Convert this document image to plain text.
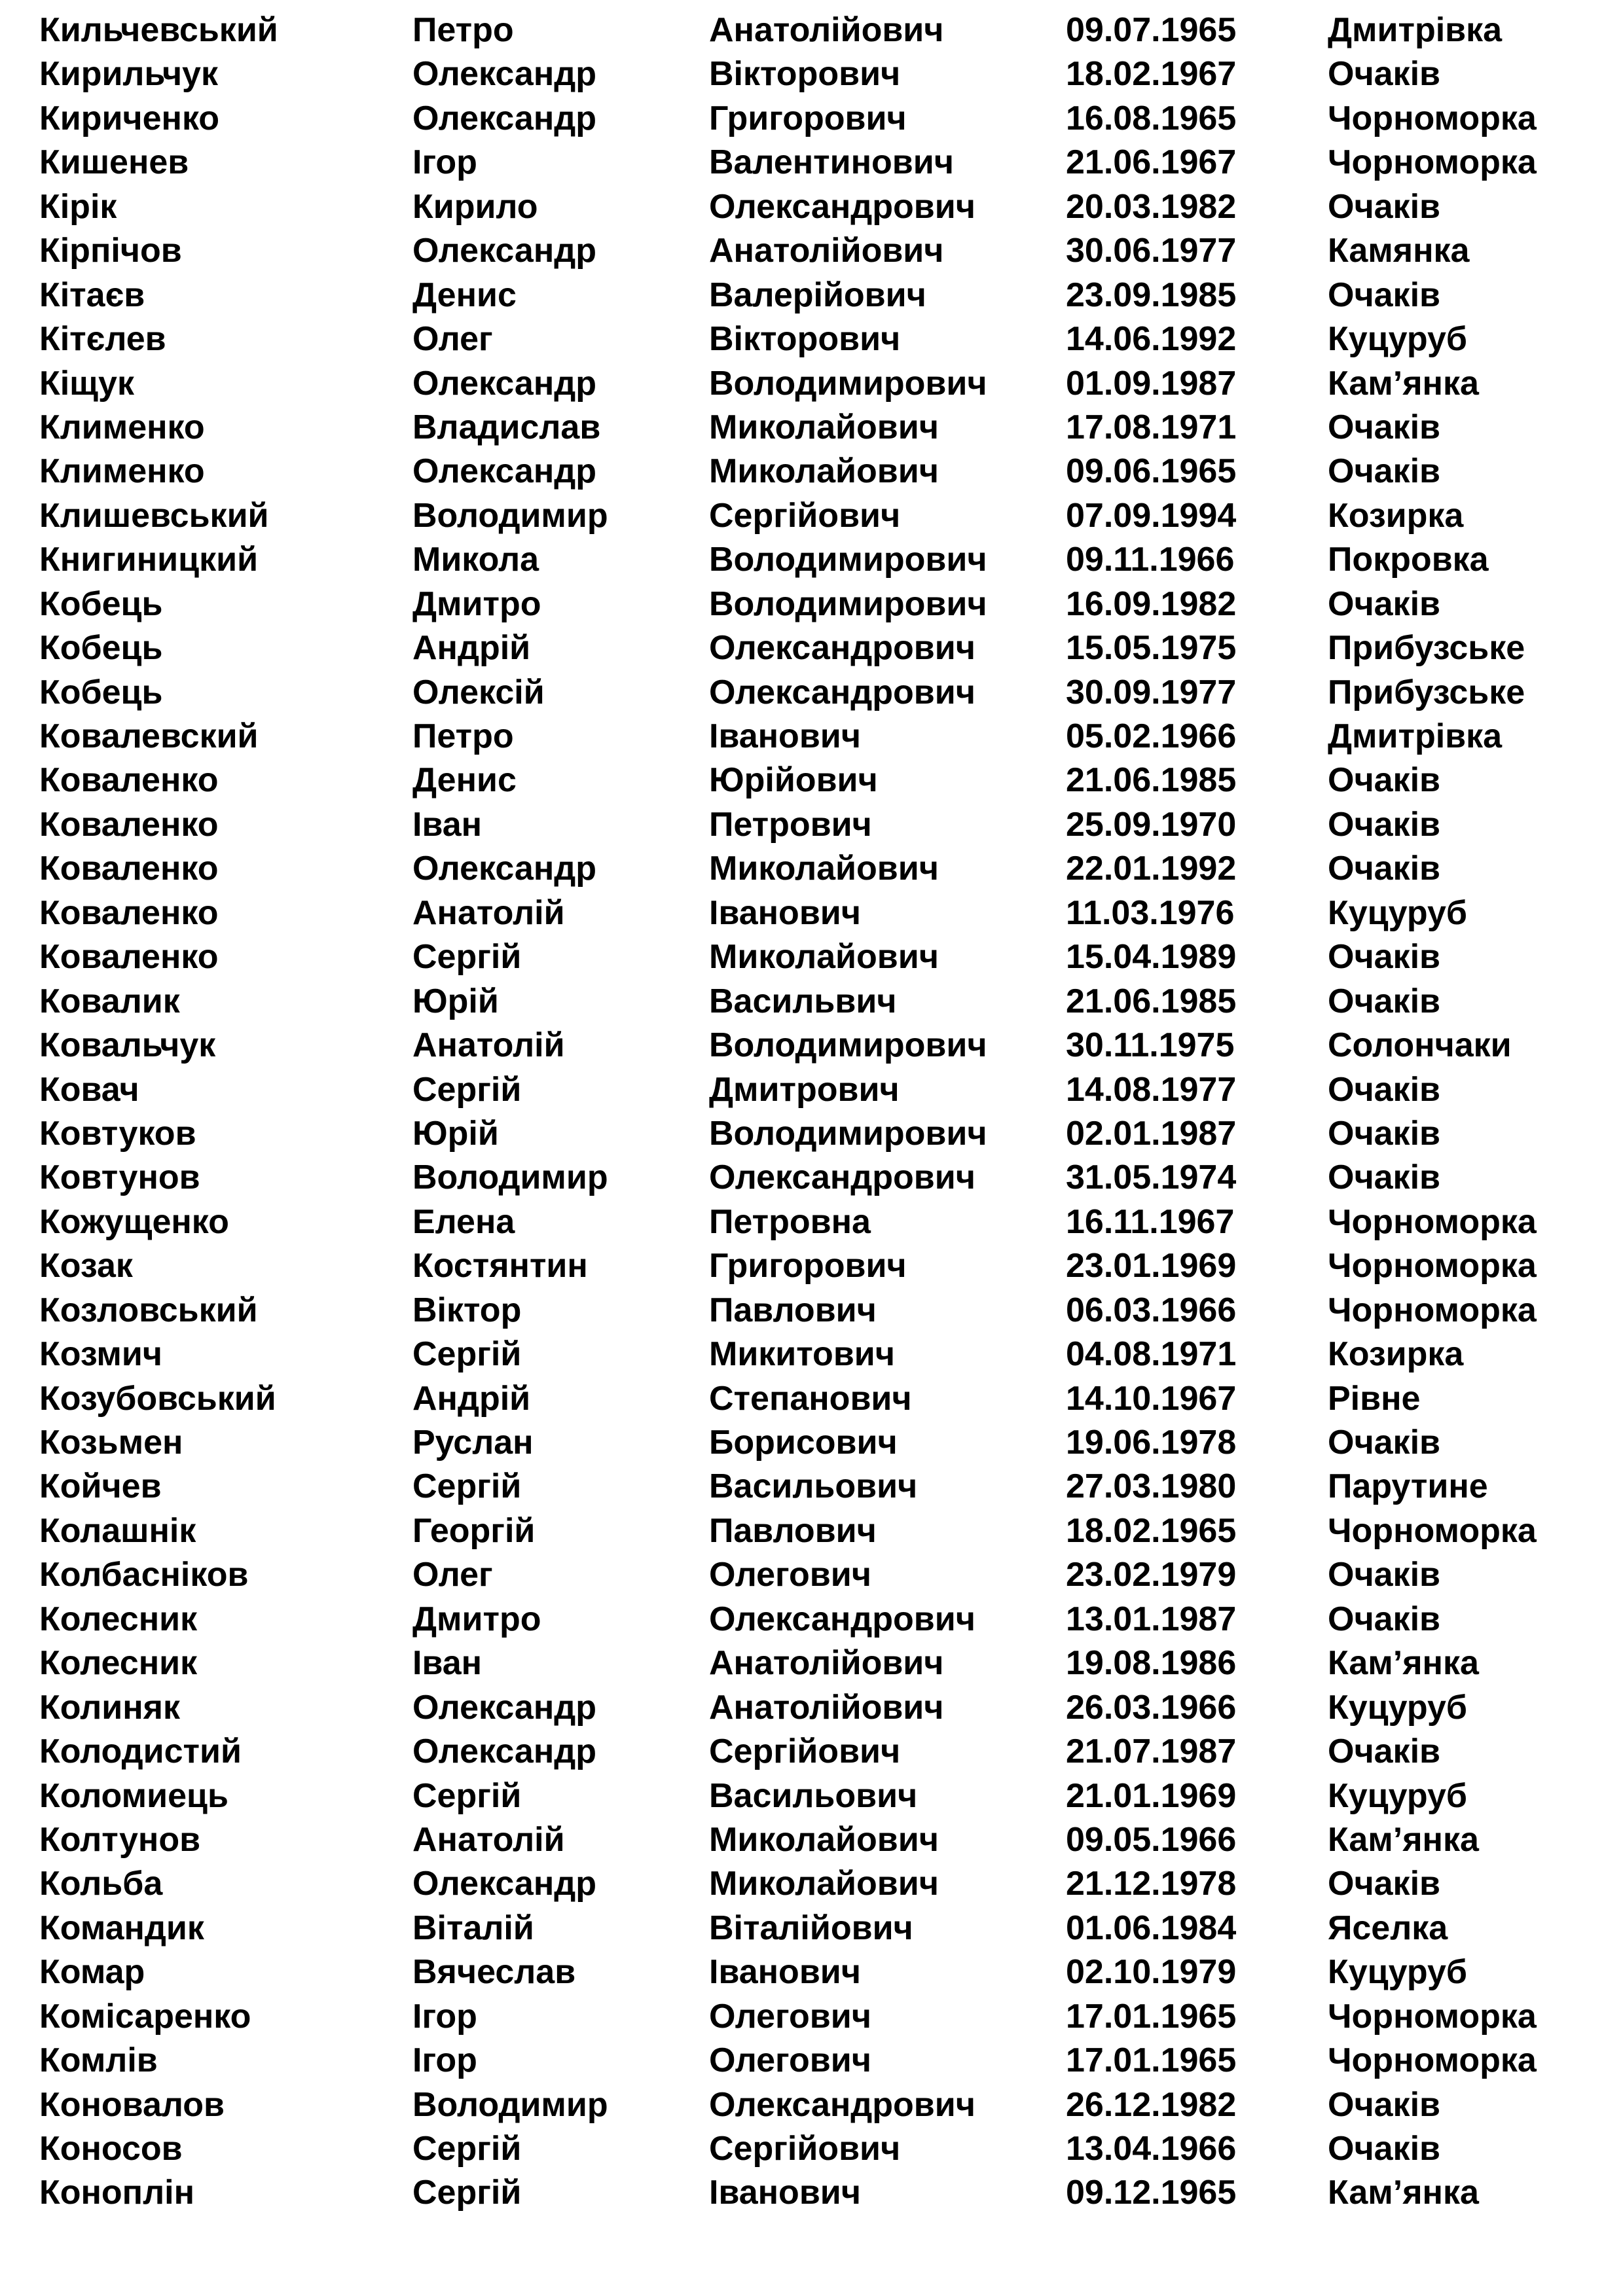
Кильчевський	Петро	Анатолійович	09.07.1965	Дмитрівка
Кирильчук	Олександр	Вікторович	18.02.1967	Очаків
Кириченко	Олександр	Григорович	16.08.1965	Чорноморка
Кишенев	Ігор	Валентинович	21.06.1967	Чорноморка
Кірік	Кирило	Олександрович	20.03.1982	Очаків
Кірпічов	Олександр	Анатолійович	30.06.1977	Камянка
Кітаєв	Денис	Валерійович	23.09.1985	Очаків
Кітєлев	Олег	Вікторович	14.06.1992	Куцуруб
Кіщук	Олександр	Володимирович 01.09.1987	Кам’янка
Клименко	Владислав	Миколайович	17.08.1971	Очаків
Клименко	Олександр	Миколайович	09.06.1965	Очаків
Клишевський	Володимир	Сергійович	07.09.1994	Козирка
Книгиницкий	Микола	Володимирович 09.11.1966	Покровка
Кобець	Дмитро	Володимирович 16.09.1982	Очаків
Кобець	Андрій	Олександрович	15.05.1975	Прибузське
Кобець	Олексій	Олександрович	30.09.1977	Прибузське
Ковалевский	Петро	Іванович	05.02.1966	Дмитрівка
Коваленко	Денис	Юрійович	21.06.1985	Очаків
Коваленко	Іван	Петрович	25.09.1970	Очаків
Коваленко	Олександр	Миколайович	22.01.1992	Очаків
Коваленко	Анатолій	Іванович	11.03.1976	Куцуруб
Коваленко	Сергій	Миколайович	15.04.1989	Очаків
Ковалик	Юрій	Васильвич	21.06.1985	Очаків
Ковальчук	Анатолій	Володимирович 30.11.1975	Солончаки
Ковач	Сергій	Дмитрович	14.08.1977	Очаків
Ковтуков	Юрій	Володимирович 02.01.1987	Очаків
Ковтунов	Володимир	Олександрович	31.05.1974	Очаків
Кожущенко	Елена	Петровна	16.11.1967	Чорноморка
Козак	Костянтин	Григорович	23.01.1969	Чорноморка
Козловський	Віктор	Павлович	06.03.1966	Чорноморка
Козмич	Сергій	Микитович	04.08.1971	Козирка
Козубовський	Андрій	Степанович	14.10.1967	Рівне
Козьмен	Руслан	Борисович	19.06.1978	Очаків
Койчев	Сергій	Васильович	27.03.1980	Парутине
Колашнік	Георгій	Павлович	18.02.1965	Чорноморка
Колбасніков	Олег	Олегович	23.02.1979	Очаків
Колесник	Дмитро	Олександрович	13.01.1987	Очаків
Колесник	Іван	Анатолійович	19.08.1986	Кам’янка
Колиняк	Олександр	Анатолійович	26.03.1966	Куцуруб
Колодистий	Олександр	Сергійович	21.07.1987	Очаків
Коломиець	Сергій	Васильович	21.01.1969	Куцуруб
Колтунов	Анатолій	Миколайович	09.05.1966	Кам’янка
Кольба	Олександр	Миколайович	21.12.1978	Очаків
Командик	Віталій	Віталійович	01.06.1984	Яселка
Комар	Вячеслав	Іванович	02.10.1979	Куцуруб
Комісаренко	Ігор	Олегович	17.01.1965	Чорноморка
Комлів	Ігор	Олегович	17.01.1965	Чорноморка
Коновалов	Володимир	Олександрович	26.12.1982	Очаків
Коносов	Сергій	Сергійович	13.04.1966	Очаків
Коноплін	Сергій	Іванович	09.12.1965	Кам’янка
